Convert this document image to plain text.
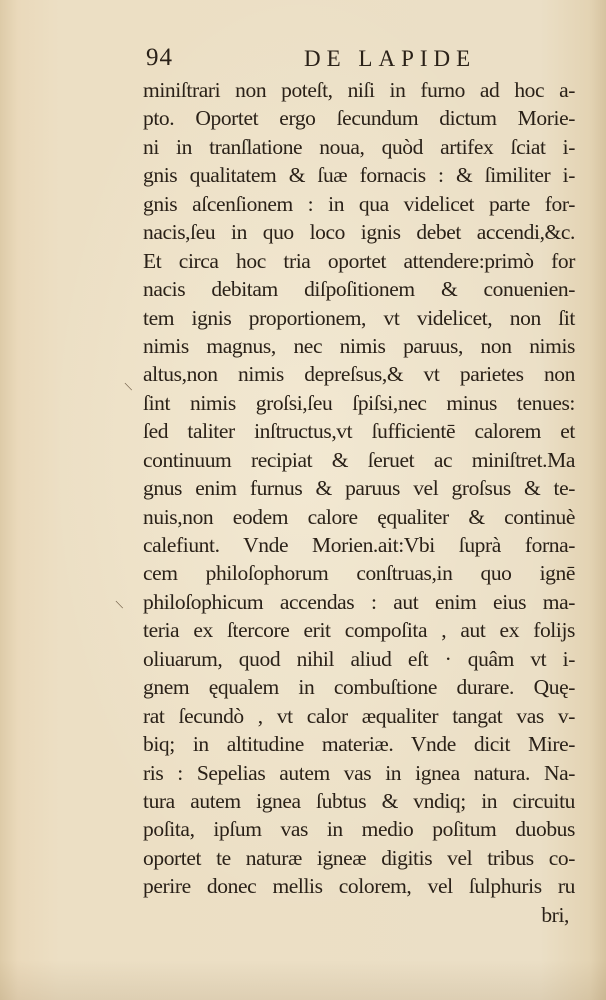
94	DE LAPIDE
miniſtrari non poteſt, niſi in furno ad hoc a-
pto. Oportet ergo ſecundum dictum Morie-
ni in tranſlatione noua, quòd artifex ſciat i-
gnis qualitatem & ſuæ fornacis : & ſimiliter i-
gnis aſcenſionem : in qua videlicet parte for-
nacis,ſeu in quo loco ignis debet accendi,&c.
Et circa hoc tria oportet attendere:primò for
nacis debitam diſpoſitionem & conuenien-
tem ignis proportionem, vt videlicet, non ſit
nimis magnus, nec nimis paruus, non nimis
altus,non nimis depreſsus,& vt parietes non
ſint nimis groſsi,ſeu ſpiſsi,nec minus tenues:
ſed taliter inſtructus,vt ſufficientē calorem et
continuum recipiat & ſeruet ac miniſtret.Ma
gnus enim furnus & paruus vel groſsus & te-
nuis,non eodem calore ęqualiter & continuè
calefiunt. Vnde Morien.ait:Vbi ſuprà forna-
cem philoſophorum conſtruas,in quo ignē
philoſophicum accendas : aut enim eius ma-
teria ex ſtercore erit compoſita , aut ex folijs
oliuarum, quod nihil aliud eſt · quâm vt i-
gnem ęqualem in combuſtione durare. Quę-
rat ſecundò , vt calor æqualiter tangat vas v-
biq; in altitudine materiæ. Vnde dicit Mire-
ris : Sepelias autem vas in ignea natura. Na-
tura autem ignea ſubtus & vndiq; in circuitu
poſita, ipſum vas in medio poſitum duobus
oportet te naturæ igneæ digitis vel tribus co-
perire donec mellis colorem, vel ſulphuris ru
bri,
\
\
